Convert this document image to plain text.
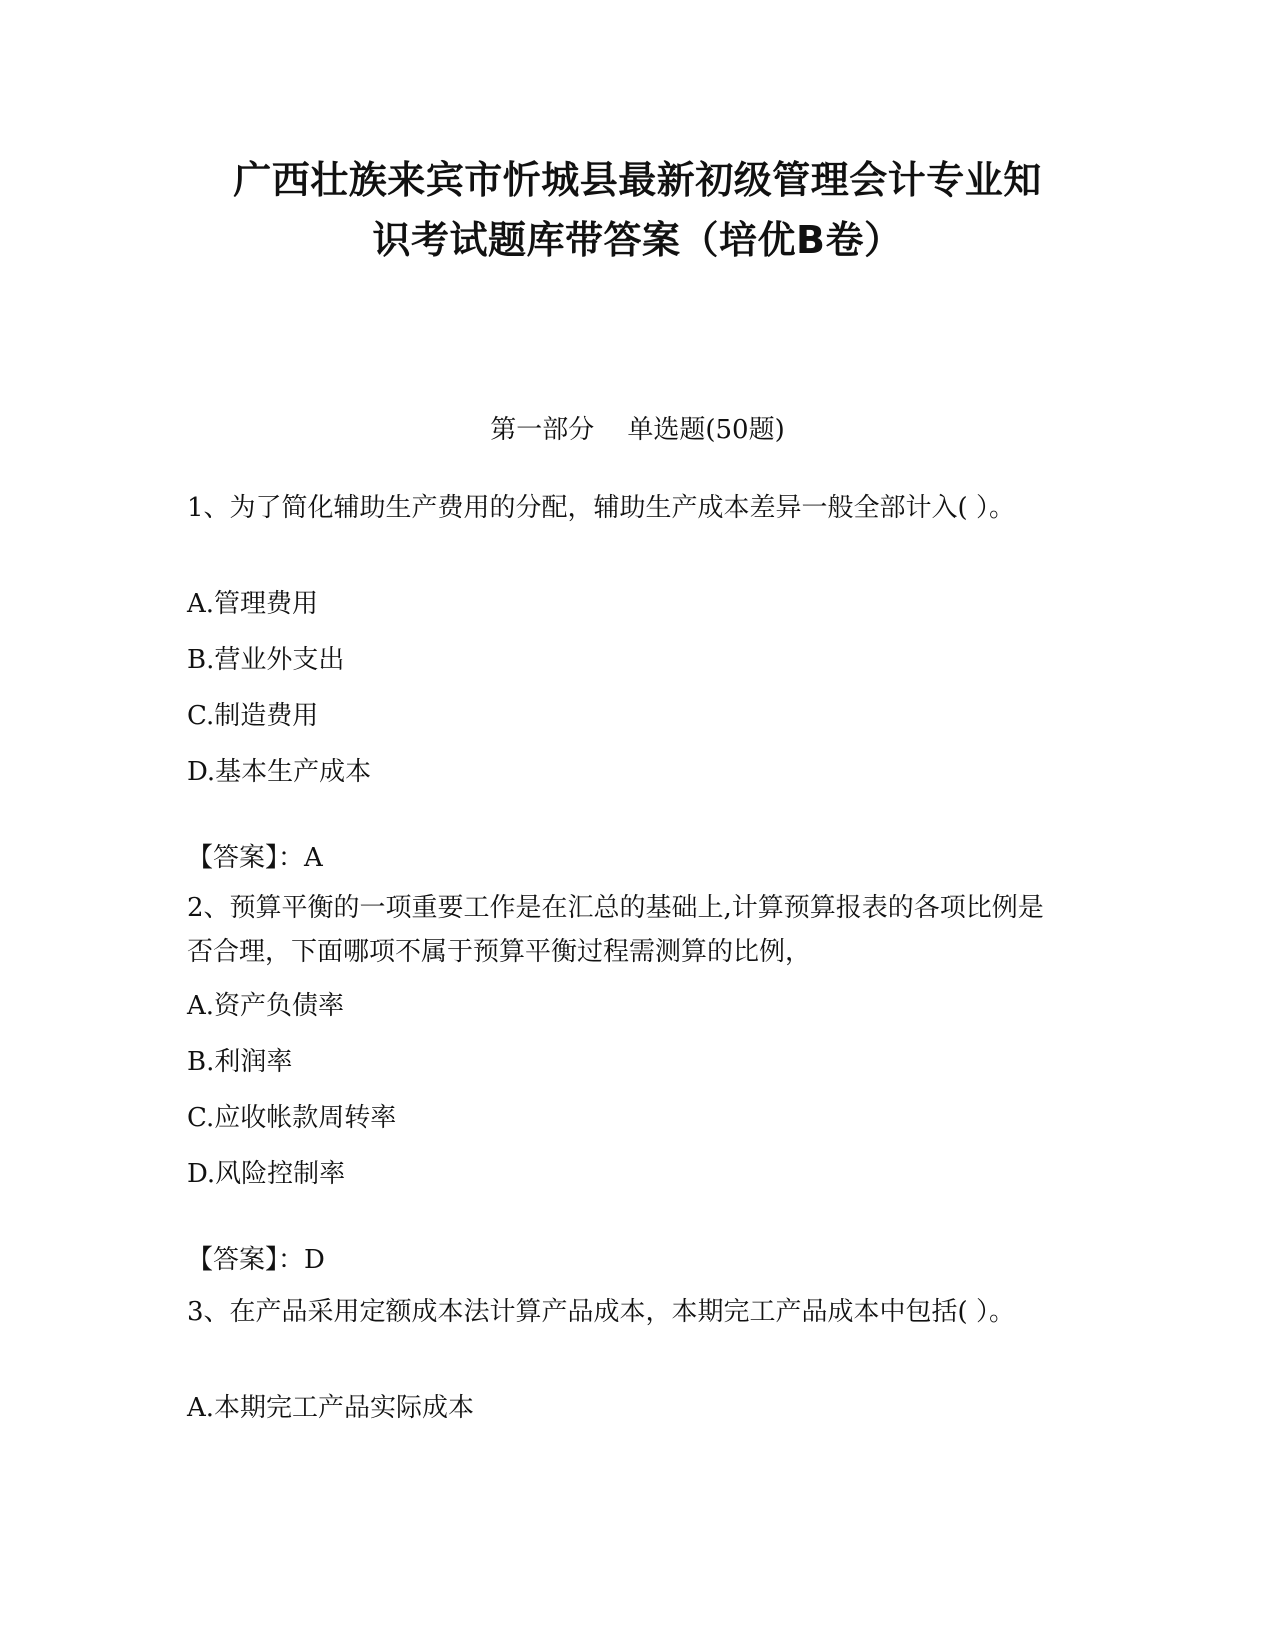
广西壮族来宾市忻城县最新初级管理会计专业知
识考试题库带答案（培优B卷）
第一部分    单选题(50题)

1、为了简化辅助生产费用的分配，辅助生产成本差异一般全部计入( ）。

A.管理费用

B.营业外支出

C.制造费用

D.基本生产成本

【答案】：A

2、预算平衡的一项重要工作是在汇总的基础上,计算预算报表的各项比例是否合理，下面哪项不属于预算平衡过程需测算的比例，

A.资产负债率

B.利润率

C.应收帐款周转率

D.风险控制率

【答案】：D

3、在产品采用定额成本法计算产品成本，本期完工产品成本中包括( ）。

A.本期完工产品实际成本
